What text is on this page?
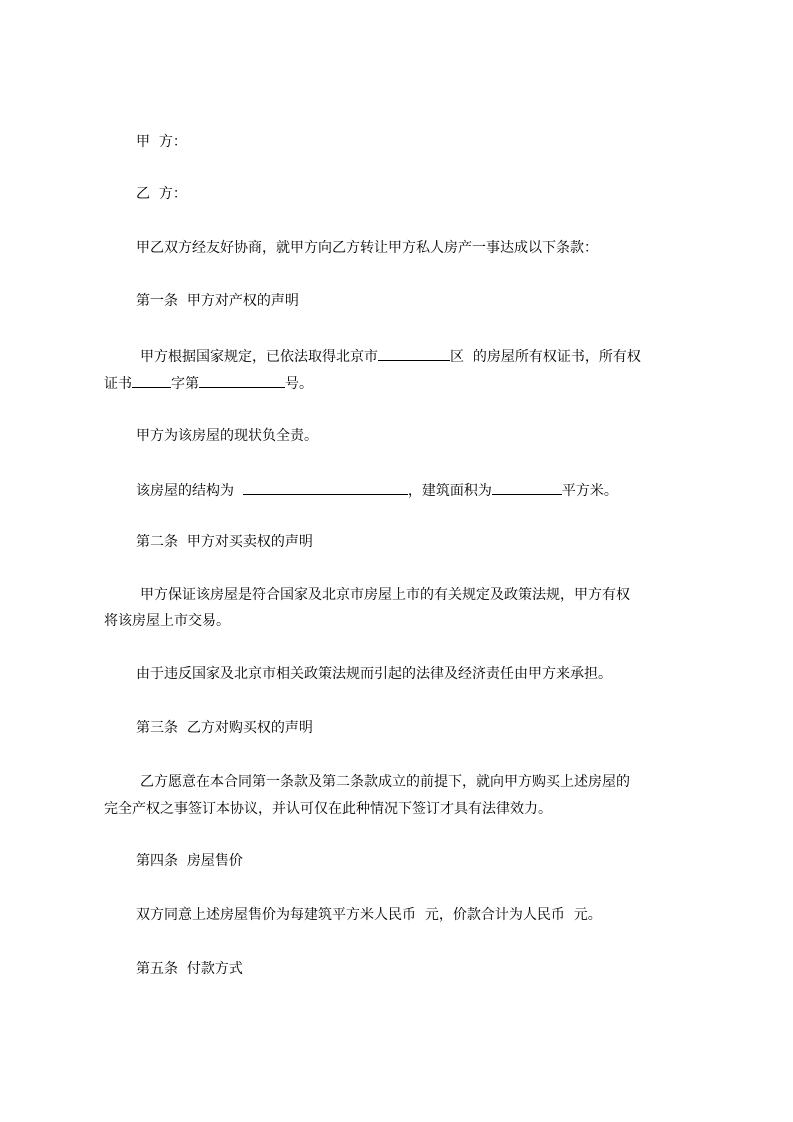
甲  方：

乙  方：

甲乙双方经友好协商，就甲方向乙方转让甲方私人房产一事达成以下条款：

第一条  甲方对产权的声明

甲方根据国家规定，已依法取得北京市	区  的房屋所有权证书，所有权

证书	字第	号。

甲方为该房屋的现状负全责。

该房屋的结构为	，建筑面积为	平方米。

第二条  甲方对买卖权的声明

甲方保证该房屋是符合国家及北京市房屋上市的有关规定及政策法规，甲方有权

将该房屋上市交易。

由于违反国家及北京市相关政策法规而引起的法律及经济责任由甲方来承担。

第三条  乙方对购买权的声明

乙方愿意在本合同第一条款及第二条款成立的前提下，就向甲方购买上述房屋的

完全产权之事签订本协议，并认可仅在此种情况下签订才具有法律效力。

第四条  房屋售价

双方同意上述房屋售价为每建筑平方米人民币  元，价款合计为人民币  元。

第五条  付款方式
